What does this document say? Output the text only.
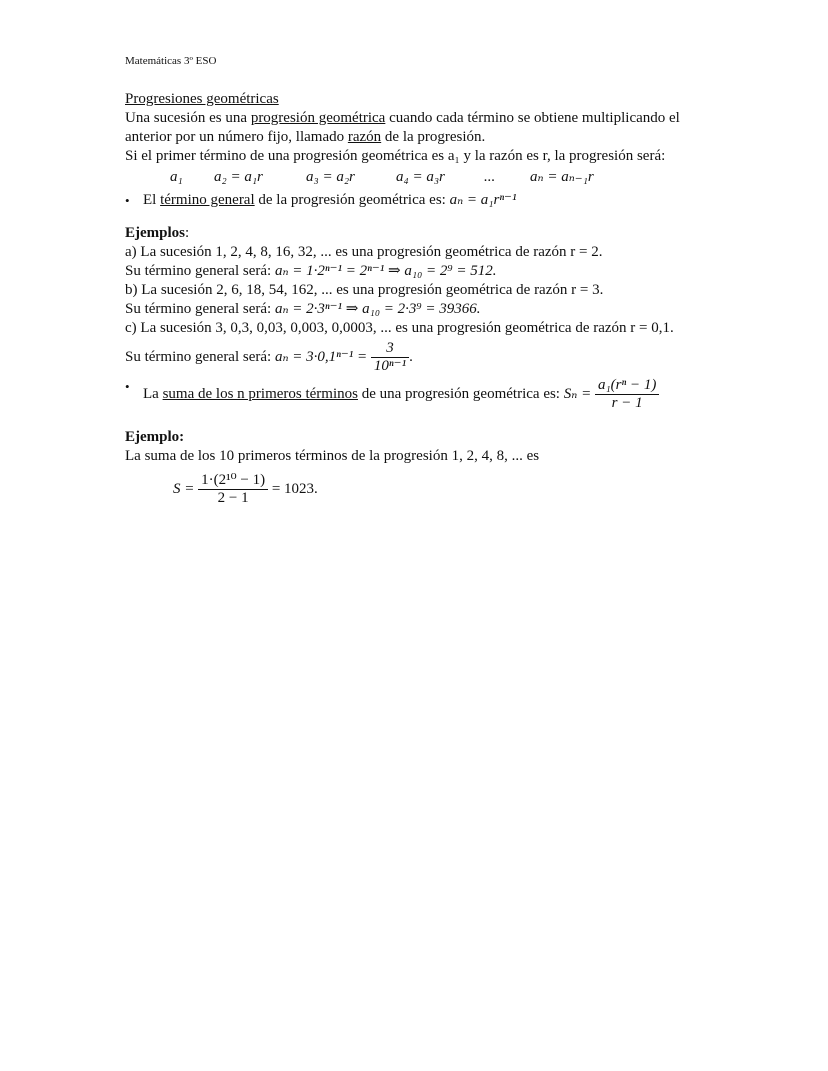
Matemáticas 3º ESO
Progresiones geométricas
Una sucesión es una progresión geométrica cuando cada término se obtiene multiplicando el
anterior por un número fijo, llamado razón de la progresión.
Si el primer término de una progresión geométrica es a₁ y la razón es r, la progresión será:
a₁ a₂ = a₁r	a₃ = a₂r	a₄ = a₃r	... aₙ = aₙ₋₁r
• El término general de la progresión geométrica es: aₙ = a₁rⁿ⁻¹
Ejemplos:
a) La sucesión 1, 2, 4, 8, 16, 32, ... es una progresión geométrica de razón r = 2.
Su término general será: aₙ = 1·2ⁿ⁻¹ = 2ⁿ⁻¹ ⇒ a₁₀ = 2⁹ = 512.
b) La sucesión 2, 6, 18, 54, 162, ... es una progresión geométrica de razón r = 3.
Su término general será: aₙ = 2·3ⁿ⁻¹ ⇒ a₁₀ = 2·3⁹ = 39366.
c) La sucesión 3, 0,3, 0,03, 0,003, 0,0003, ... es una progresión geométrica de razón r = 0,1.
Su término general será: $a_n = 3\cdot 0,1^{n-1} = \frac{3}{\text{10ⁿ⁻¹}}$ .
• La suma de los n primeros términos de una progresión geométrica es: $S_n = \frac{\text{a₁(rⁿ − 1)}}{r - 1}$
Ejemplo:
La suma de los 10 primeros términos de la progresión 1, 2, 4, 8, ... es
$S = \frac{\text{1·(2¹⁰ − 1)}}{2 - 1} = 1023$.
